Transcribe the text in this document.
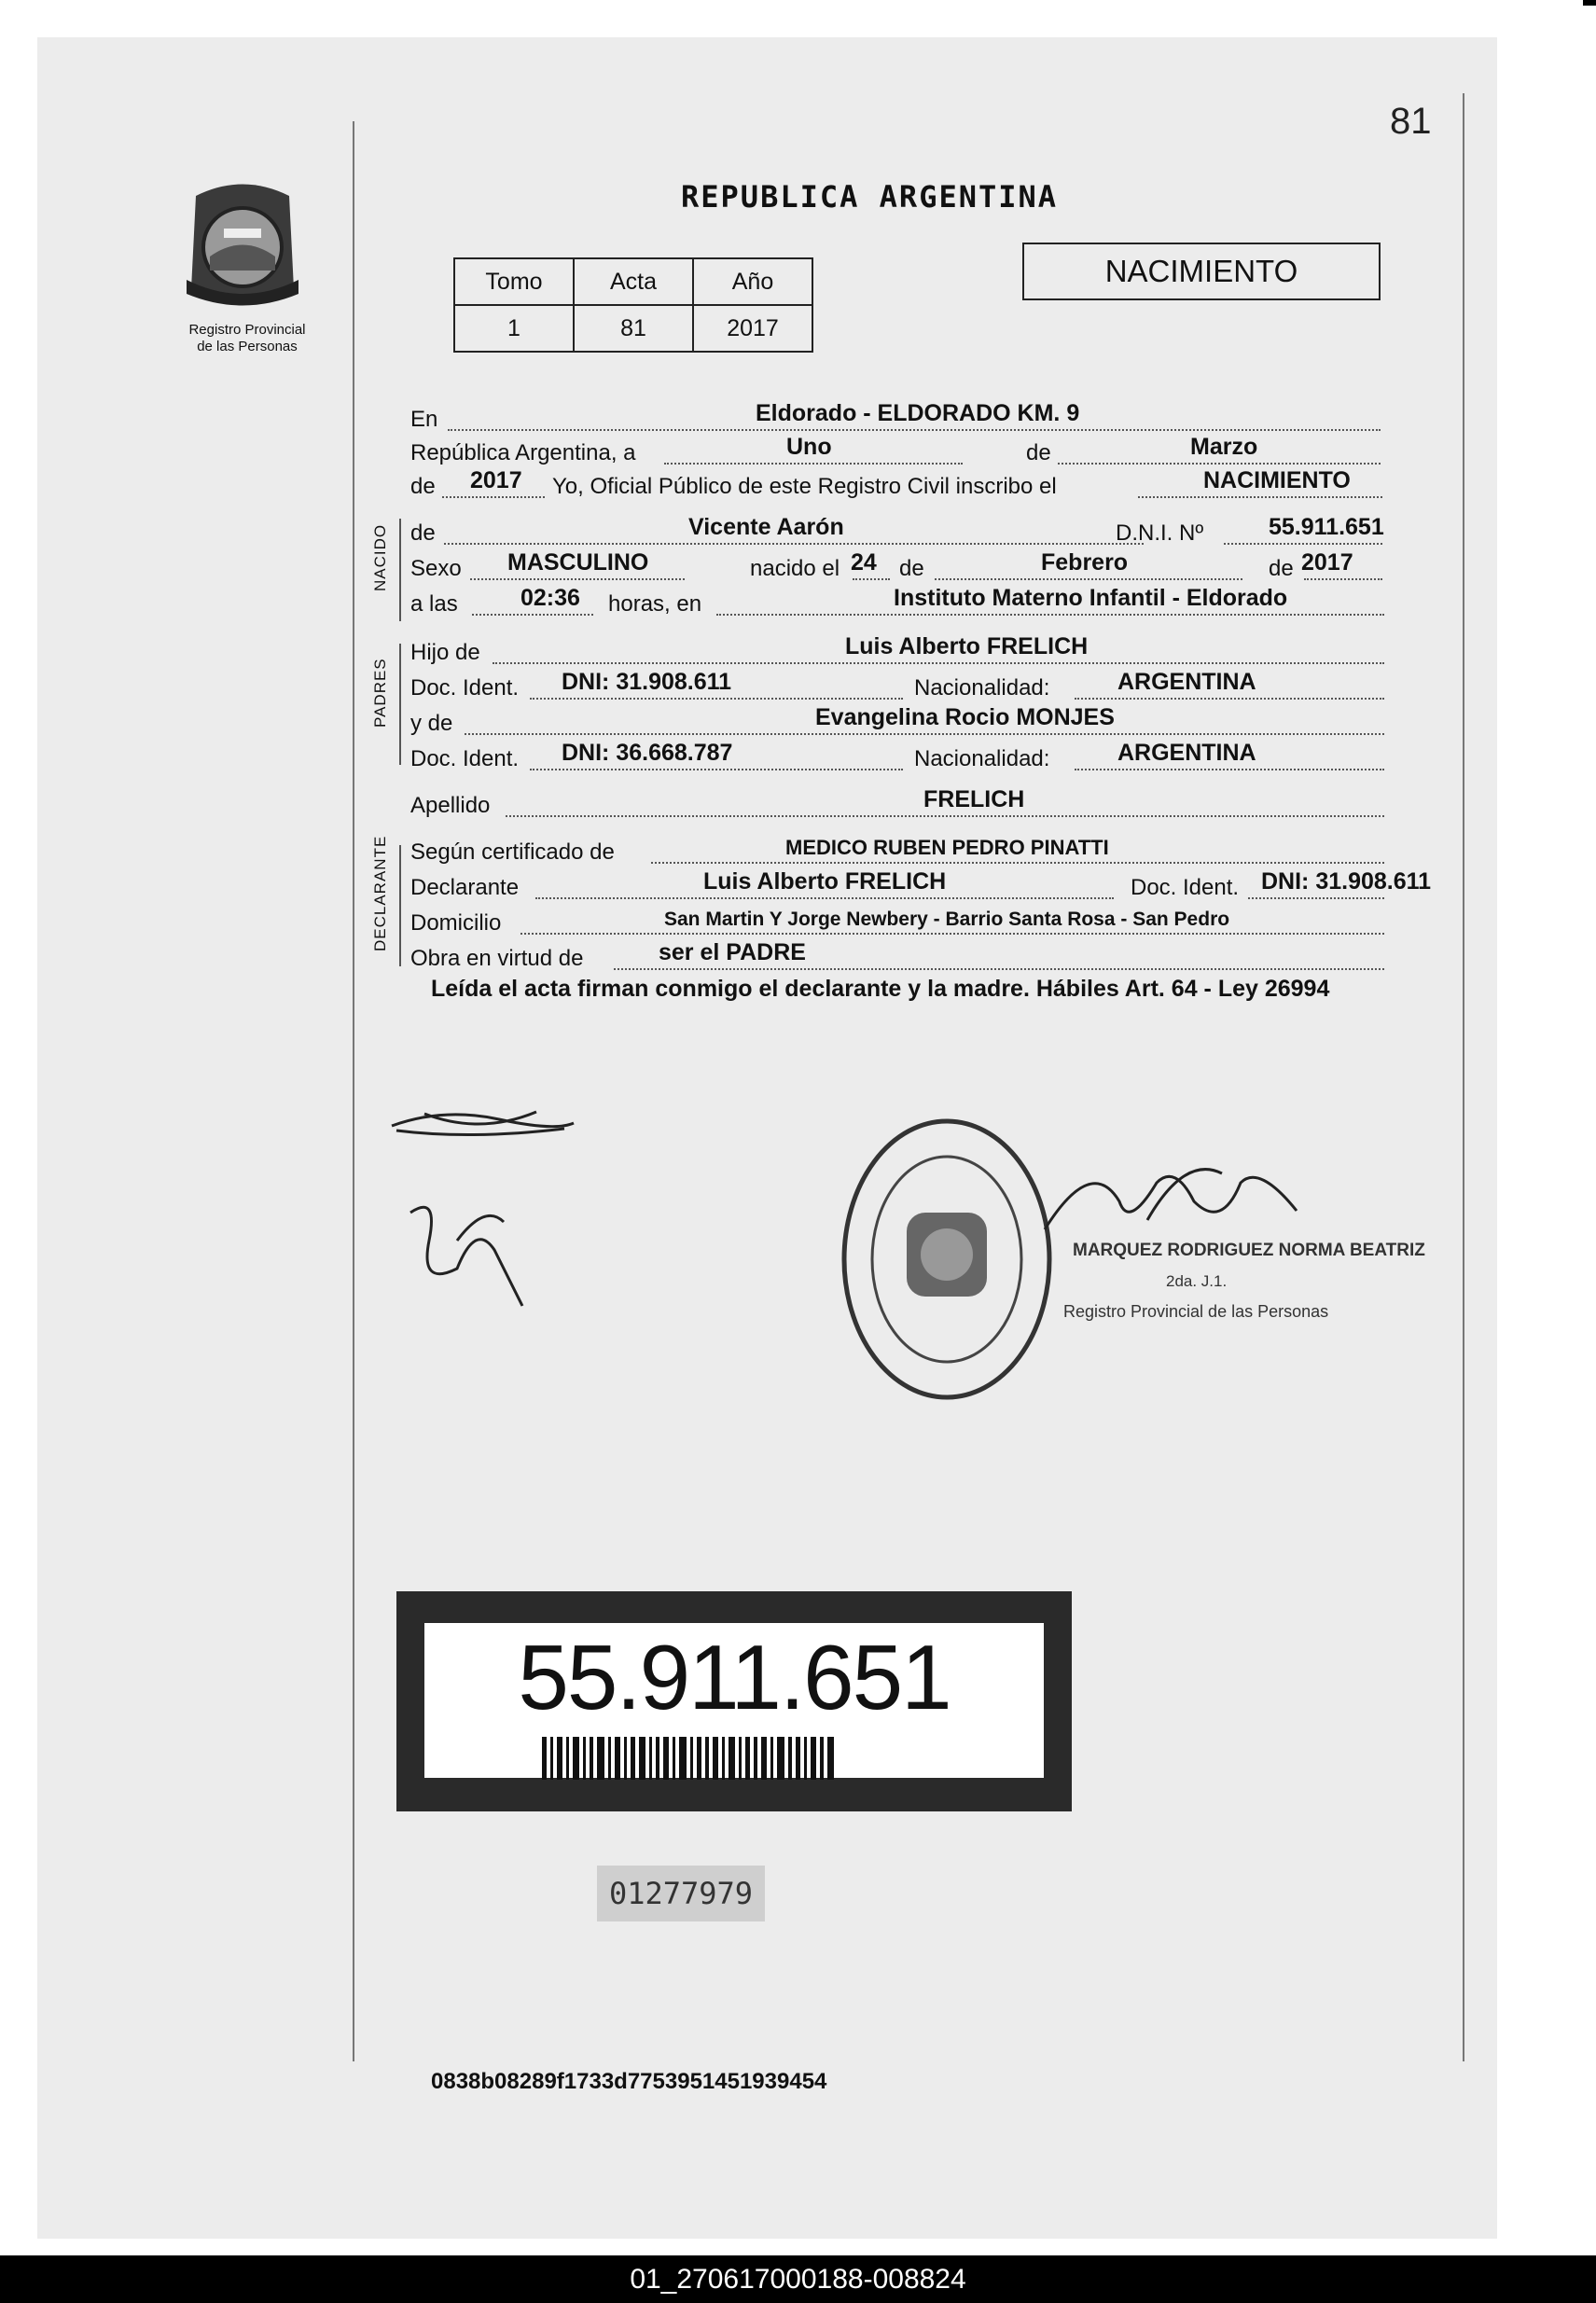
81
Registro Provincial
de las Personas
REPUBLICA ARGENTINA
Tomo	Acta	Año
1	81	2017
NACIMIENTO
En	Eldorado - ELDORADO KM. 9
República Argentina, a	Uno	de	Marzo
de 2017 Yo, Oficial Público de este Registro Civil inscribo el	NACIMIENTO
NACIDO de	Vicente Aarón	D.N.I. Nº	55.911.651
Sexo MASCULINO	nacido el 24 de	Febrero	de 2017
a las	02:36 horas, en	Instituto Materno Infantil - Eldorado
PADRES
Hijo de	Luis Alberto FRELICH
Doc. Ident. DNI: 31.908.611	Nacionalidad:	ARGENTINA
y de	Evangelina Rocio MONJES
Doc. Ident. DNI: 36.668.787	Nacionalidad:	ARGENTINA
Apellido	FRELICH
DECLARANTE Según certificado de	MEDICO RUBEN PEDRO PINATTI
Declarante	Luis Alberto FRELICH	Doc. Ident. DNI: 31.908.611
Domicilio	San Martin Y Jorge Newbery - Barrio Santa Rosa - San Pedro
Obra en virtud de	ser el PADRE
Leída el acta firman conmigo el declarante y la madre. Hábiles Art. 64 - Ley 26994
MARQUEZ RODRIGUEZ NORMA BEATRIZ
2da. J.1.
Registro Provincial de las Personas
55.911.651
01277979
0838b08289f1733d7753951451939454
01_270617000188-008824
